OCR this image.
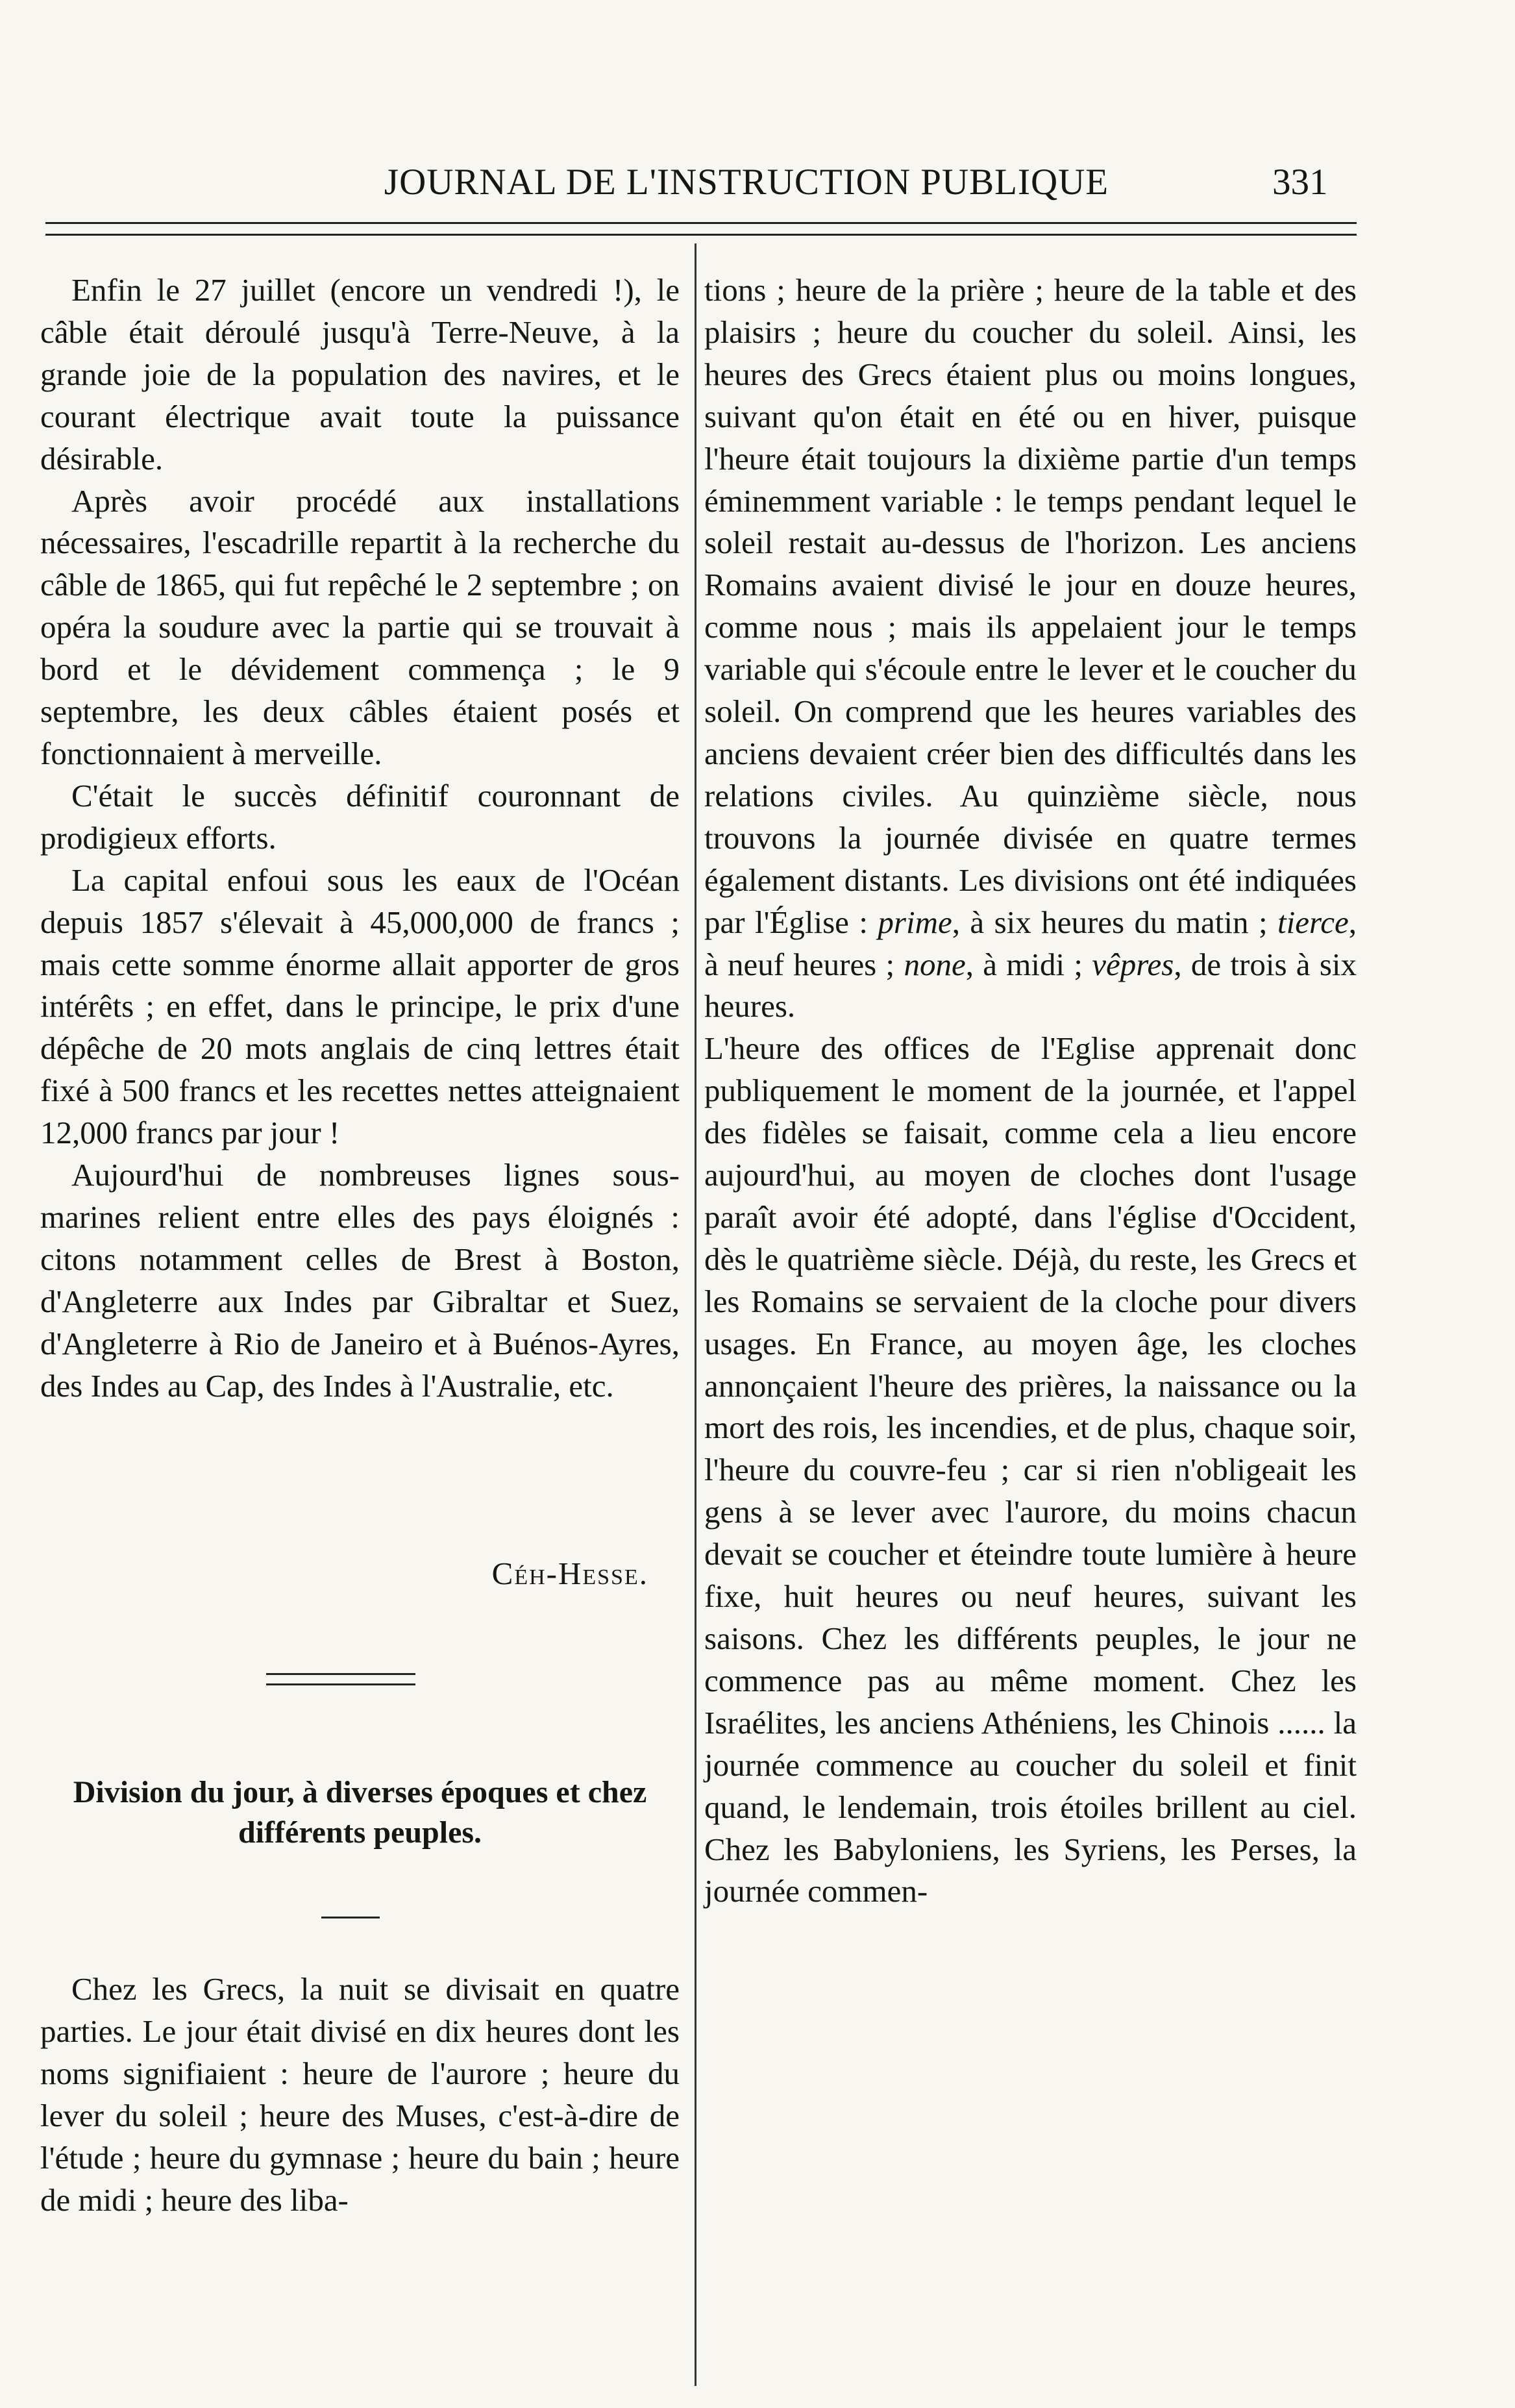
JOURNAL DE L'INSTRUCTION PUBLIQUE	331

Enfin le 27 juillet (encore un vendredi !), le câble était déroulé jusqu'à Terre-Neuve, à la grande joie de la population des navires, et le courant électrique avait toute la puissance désirable.

Après avoir procédé aux installations nécessaires, l'escadrille repartit à la recherche du câble de 1865, qui fut repêché le 2 septembre ; on opéra la soudure avec la partie qui se trouvait à bord et le dévidement commença ; le 9 septembre, les deux câbles étaient posés et fonctionnaient à merveille.

C'était le succès définitif couronnant de prodigieux efforts.

La capital enfoui sous les eaux de l'Océan depuis 1857 s'élevait à 45,000,000 de francs ; mais cette somme énorme allait apporter de gros intérêts ; en effet, dans le principe, le prix d'une dépêche de 20 mots anglais de cinq lettres était fixé à 500 francs et les recettes nettes atteignaient 12,000 francs par jour !

Aujourd'hui de nombreuses lignes sous-marines relient entre elles des pays éloignés : citons notamment celles de Brest à Boston, d'Angleterre aux Indes par Gibraltar et Suez, d'Angleterre à Rio de Janeiro et à Buénos-Ayres, des Indes au Cap, des Indes à l'Australie, etc.

Céh-Hesse.
Division du jour, à diverses époques et chez différents peuples.

Chez les Grecs, la nuit se divisait en quatre parties. Le jour était divisé en dix heures dont les noms signifiaient : heure de l'aurore ; heure du lever du soleil ; heure des Muses, c'est-à-dire de l'étude ; heure du gymnase ; heure du bain ; heure de midi ; heure des liba-

tions ; heure de la prière ; heure de la table et des plaisirs ; heure du coucher du soleil. Ainsi, les heures des Grecs étaient plus ou moins longues, suivant qu'on était en été ou en hiver, puisque l'heure était toujours la dixième partie d'un temps éminemment variable : le temps pendant lequel le soleil restait au-dessus de l'horizon. Les anciens Romains avaient divisé le jour en douze heures, comme nous ; mais ils appelaient jour le temps variable qui s'écoule entre le lever et le coucher du soleil. On comprend que les heures variables des anciens devaient créer bien des difficultés dans les relations civiles. Au quinzième siècle, nous trouvons la journée divisée en quatre termes également distants. Les divisions ont été indiquées par l'Église : prime, à six heures du matin ; tierce, à neuf heures ; none, à midi ; vêpres, de trois à six heures.

L'heure des offices de l'Eglise apprenait donc publiquement le moment de la journée, et l'appel des fidèles se faisait, comme cela a lieu encore aujourd'hui, au moyen de cloches dont l'usage paraît avoir été adopté, dans l'église d'Occident, dès le quatrième siècle. Déjà, du reste, les Grecs et les Romains se servaient de la cloche pour divers usages. En France, au moyen âge, les cloches annonçaient l'heure des prières, la naissance ou la mort des rois, les incendies, et de plus, chaque soir, l'heure du couvre-feu ; car si rien n'obligeait les gens à se lever avec l'aurore, du moins chacun devait se coucher et éteindre toute lumière à heure fixe, huit heures ou neuf heures, suivant les saisons. Chez les différents peuples, le jour ne commence pas au même moment. Chez les Israélites, les anciens Athéniens, les Chinois ...... la journée commence au coucher du soleil et finit quand, le lendemain, trois étoiles brillent au ciel. Chez les Babyloniens, les Syriens, les Perses, la journée commen-
